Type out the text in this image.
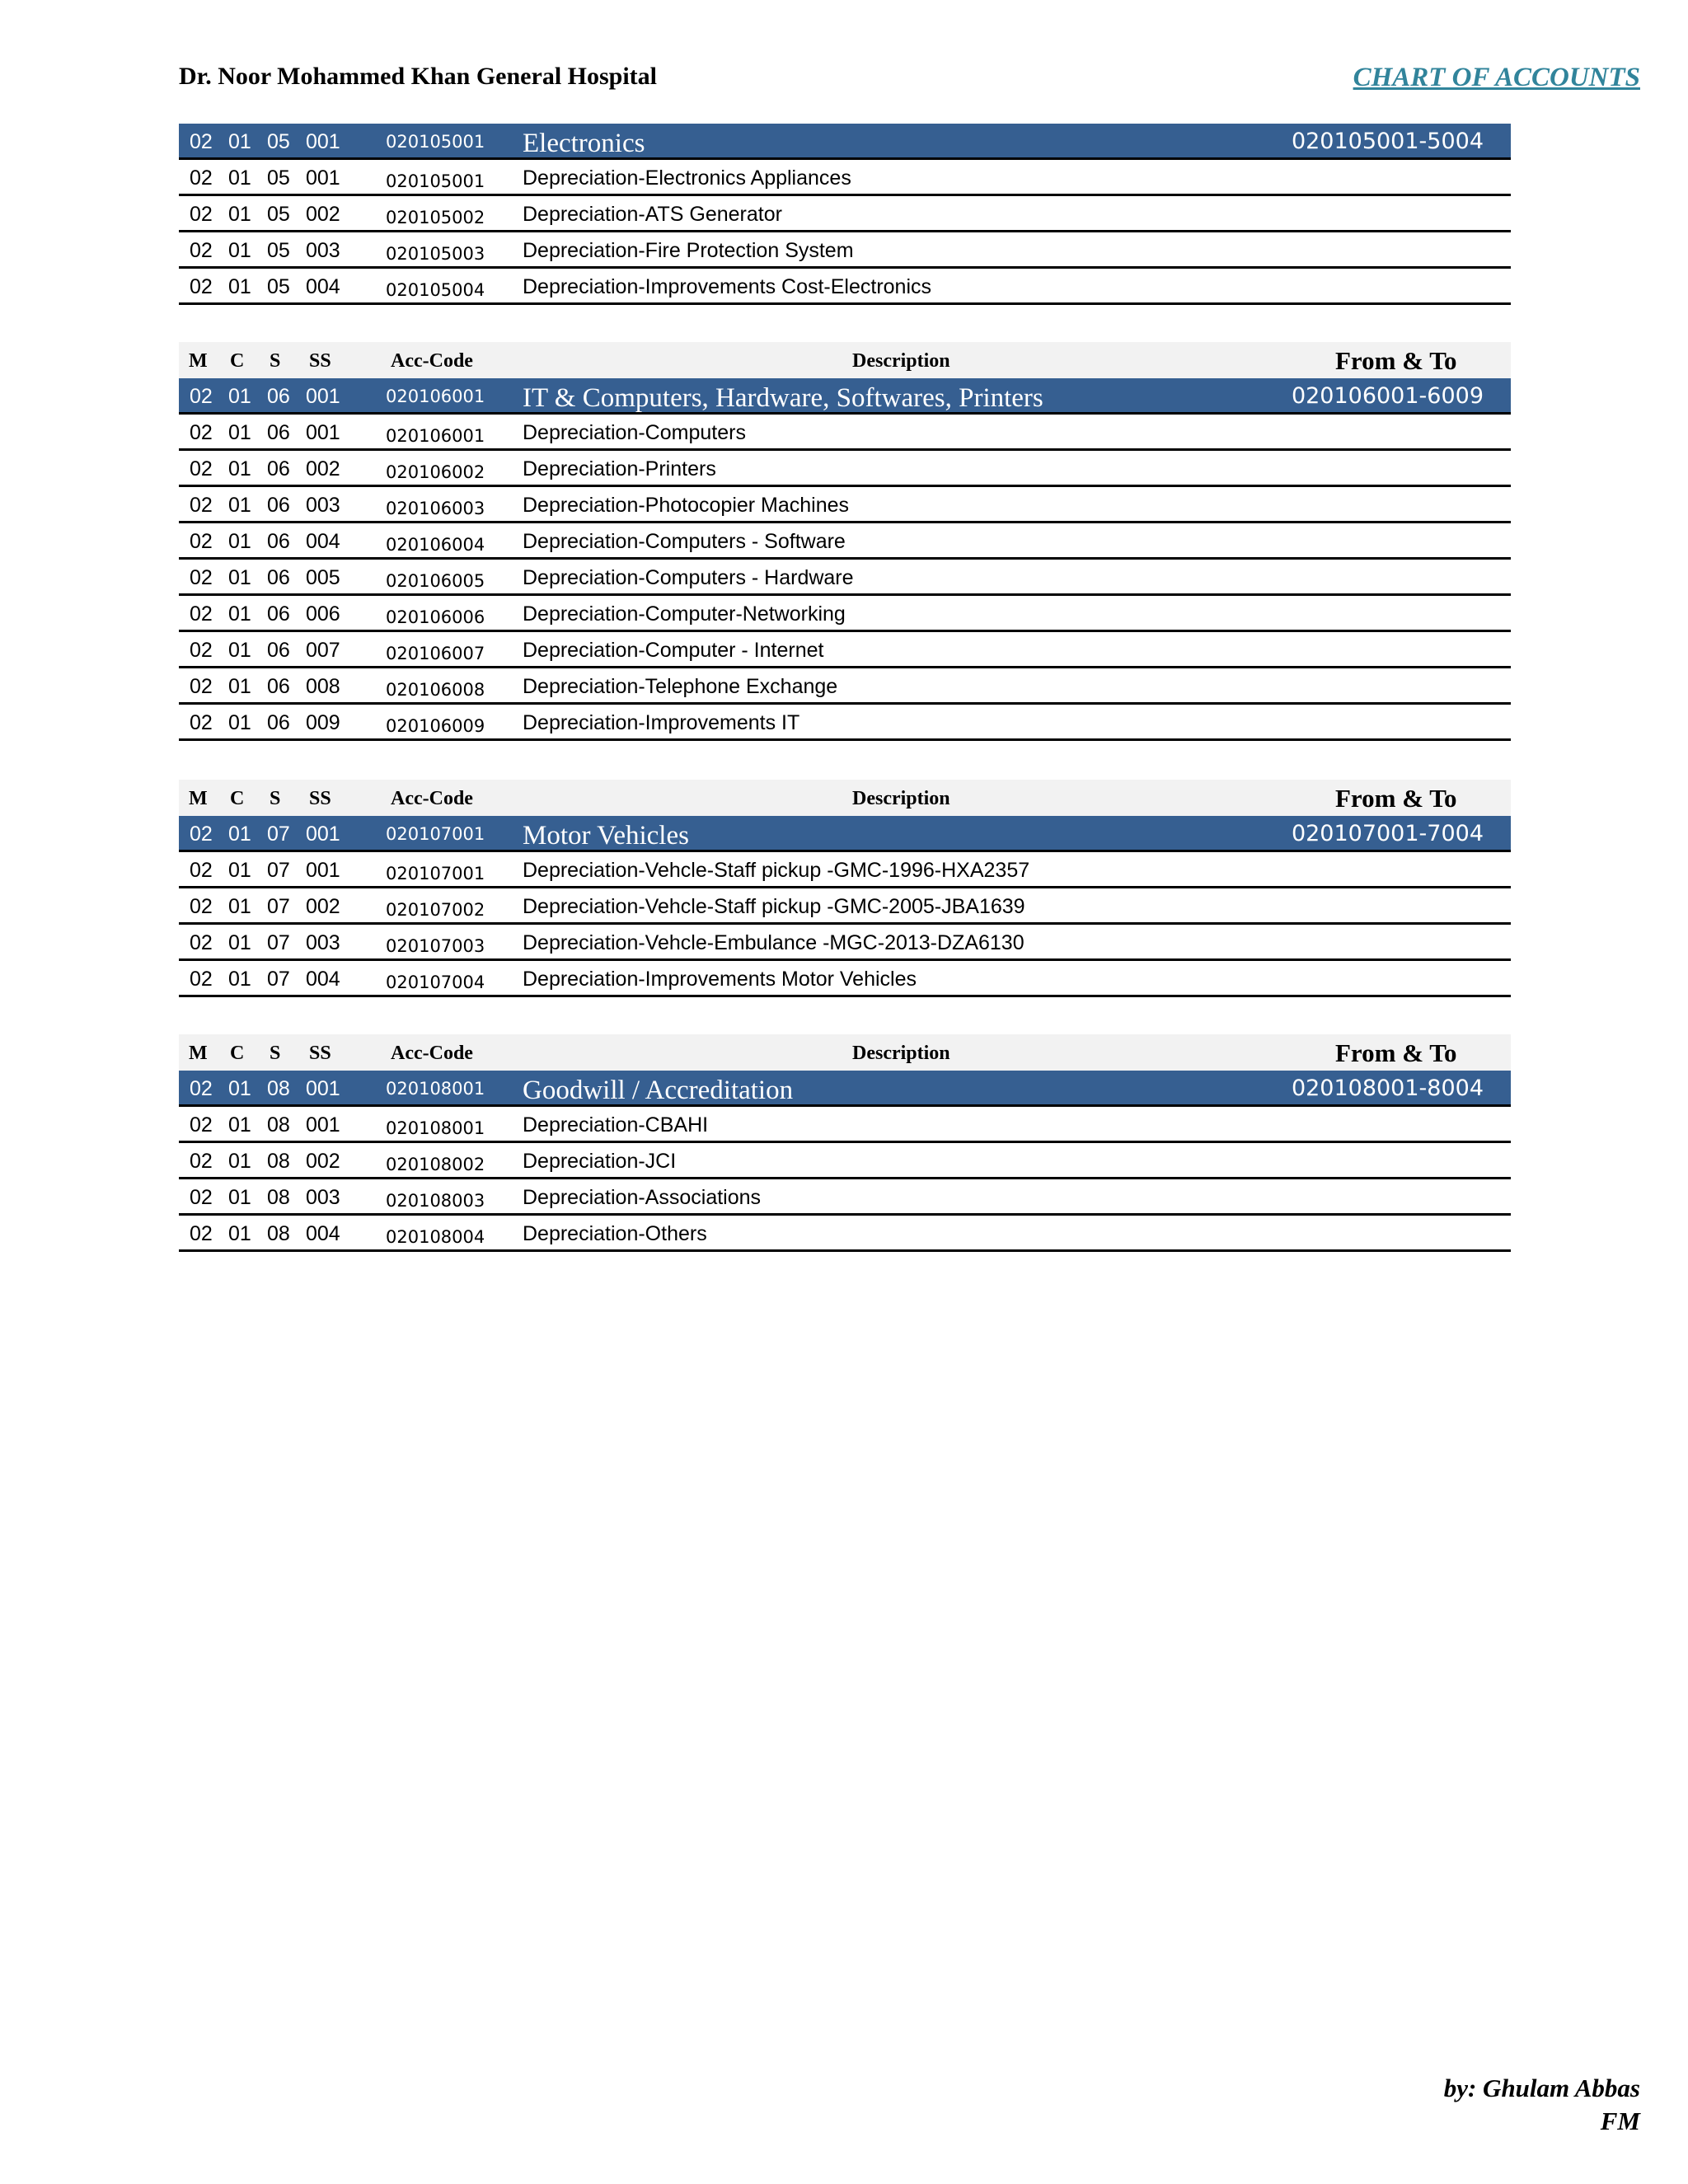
Dr. Noor Mohammed Khan General Hospital	CHART OF ACCOUNTS
02 01 05 001	020105001 Electronics	020105001-5004
02 01 05 001	020105001 Depreciation-Electronics Appliances
02 01 05 002	020105002 Depreciation-ATS Generator
02 01 05 003	020105003 Depreciation-Fire Protection System
02 01 05 004	020105004 Depreciation-Improvements Cost-Electronics
M C S SS	Acc-Code	Description	From & To
02 01 06 001	020106001 IT & Computers, Hardware, Softwares, Printers	020106001-6009
02 01 06 001	020106001 Depreciation-Computers
02 01 06 002	020106002 Depreciation-Printers
02 01 06 003	020106003 Depreciation-Photocopier Machines
02 01 06 004	020106004 Depreciation-Computers - Software
02 01 06 005	020106005 Depreciation-Computers - Hardware
02 01 06 006	020106006 Depreciation-Computer-Networking
02 01 06 007	020106007 Depreciation-Computer - Internet
02 01 06 008	020106008 Depreciation-Telephone Exchange
02 01 06 009	020106009 Depreciation-Improvements IT
M C S SS	Acc-Code	Description	From & To
02 01 07 001	020107001 Motor Vehicles	020107001-7004
02 01 07 001	020107001 Depreciation-Vehcle-Staff pickup -GMC-1996-HXA2357
02 01 07 002	020107002 Depreciation-Vehcle-Staff pickup -GMC-2005-JBA1639
02 01 07 003	020107003 Depreciation-Vehcle-Embulance -MGC-2013-DZA6130
02 01 07 004	020107004 Depreciation-Improvements Motor Vehicles
M C S SS	Acc-Code	Description	From & To
02 01 08 001	020108001 Goodwill / Accreditation	020108001-8004
02 01 08 001	020108001 Depreciation-CBAHI
02 01 08 002	020108002 Depreciation-JCI
02 01 08 003	020108003 Depreciation-Associations
02 01 08 004	020108004 Depreciation-Others
by: Ghulam Abbas
FM
